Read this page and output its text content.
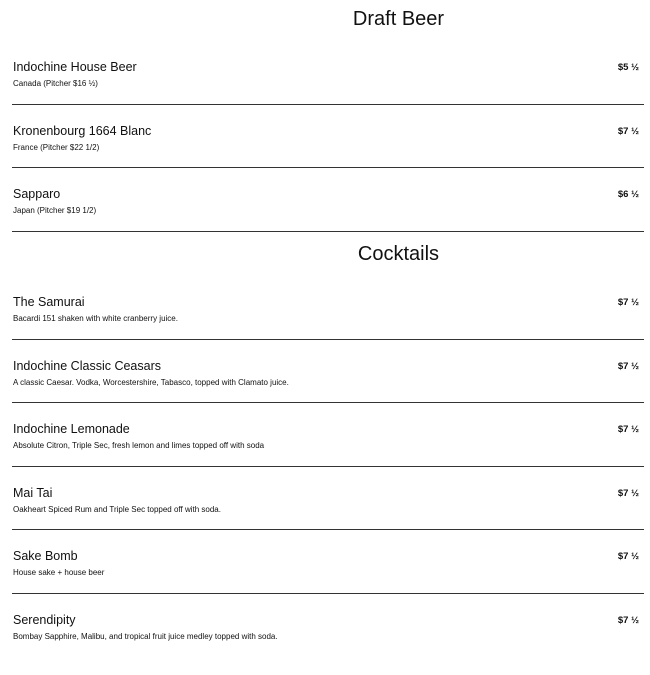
Draft Beer
Indochine House Beer
Canada (Pitcher $16 ½)
$5 ½
Kronenbourg 1664 Blanc
France (Pitcher $22 1/2)
$7 ½
Sapparo
Japan (Pitcher $19 1/2)
$6 ½
Cocktails
The Samurai
Bacardi 151 shaken with white cranberry juice.
$7 ½
Indochine Classic Ceasars
A classic Caesar. Vodka, Worcestershire, Tabasco, topped with Clamato juice.
$7 ½
Indochine Lemonade
Absolute Citron, Triple Sec, fresh lemon and limes topped off with soda
$7 ½
Mai Tai
Oakheart Spiced Rum and Triple Sec topped off with soda.
$7 ½
Sake Bomb
House sake + house beer
$7 ½
Serendipity
Bombay Sapphire, Malibu, and tropical fruit juice medley topped with soda.
$7 ½
